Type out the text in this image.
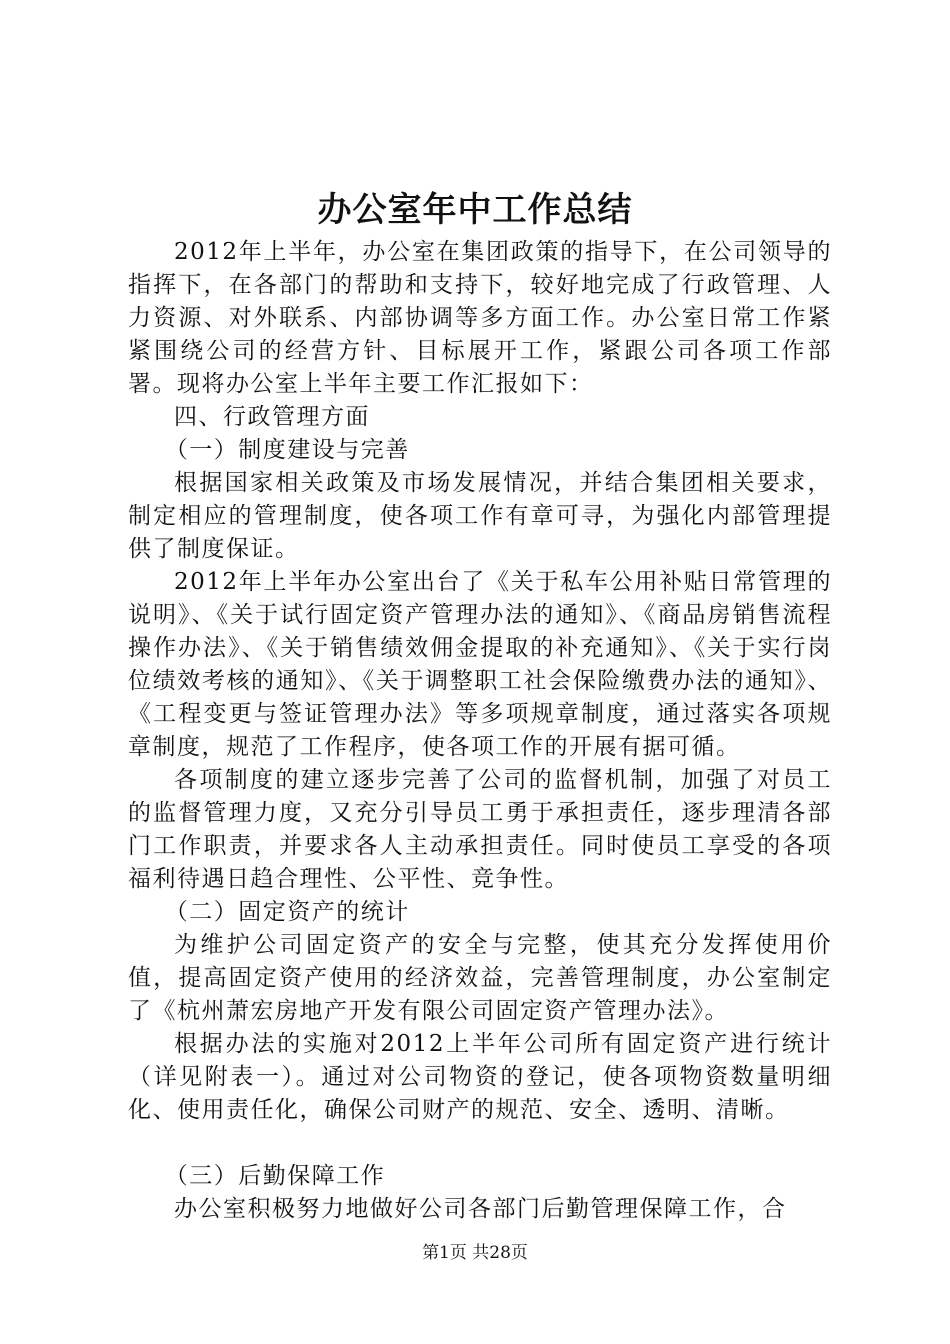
办公室年中工作总结

2012年上半年，办公室在集团政策的指导下，在公司领导的指挥下，在各部门的帮助和支持下，较好地完成了行政管理、人力资源、对外联系、内部协调等多方面工作。办公室日常工作紧紧围绕公司的经营方针、目标展开工作，紧跟公司各项工作部署。现将办公室上半年主要工作汇报如下：

四、行政管理方面

（一）制度建设与完善

根据国家相关政策及市场发展情况，并结合集团相关要求，制定相应的管理制度，使各项工作有章可寻，为强化内部管理提供了制度保证。

2012年上半年办公室出台了《关于私车公用补贴日常管理的说明》、《关于试行固定资产管理办法的通知》、《商品房销售流程操作办法》、《关于销售绩效佣金提取的补充通知》、《关于实行岗位绩效考核的通知》、《关于调整职工社会保险缴费办法的通知》、《工程变更与签证管理办法》等多项规章制度，通过落实各项规章制度，规范了工作程序，使各项工作的开展有据可循。

各项制度的建立逐步完善了公司的监督机制，加强了对员工的监督管理力度，又充分引导员工勇于承担责任，逐步理清各部门工作职责，并要求各人主动承担责任。同时使员工享受的各项福利待遇日趋合理性、公平性、竞争性。

（二）固定资产的统计

为维护公司固定资产的安全与完整，使其充分发挥使用价值，提高固定资产使用的经济效益，完善管理制度，办公室制定了《杭州萧宏房地产开发有限公司固定资产管理办法》。

根据办法的实施对2012上半年公司所有固定资产进行统计（详见附表一）。通过对公司物资的登记，使各项物资数量明细化、使用责任化，确保公司财产的规范、安全、透明、清晰。

（三）后勤保障工作

办公室积极努力地做好公司各部门后勤管理保障工作，合

第1页 共28页
